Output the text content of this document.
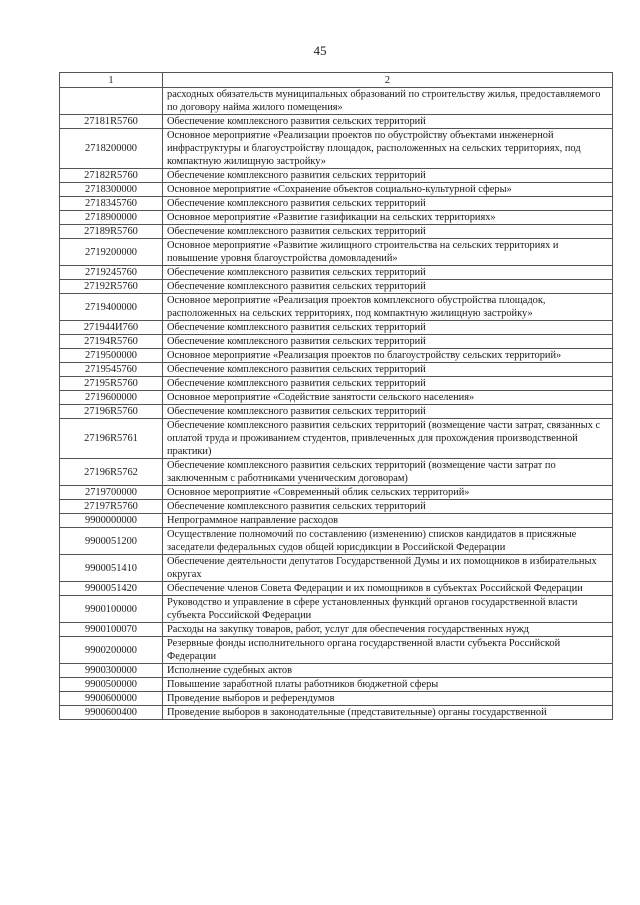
45
1	2
	расходных обязательств муниципальных образований по строительству жилья, предоставляемого по договору найма жилого помещения»
27181R5760	Обеспечение комплексного развития сельских территорий
2718200000	Основное мероприятие «Реализации проектов по обустройству объектами инженерной инфраструктуры и благоустройству площадок, расположенных на сельских территориях, под компактную жилищную застройку»
27182R5760	Обеспечение комплексного развития сельских территорий
2718300000	Основное мероприятие «Сохранение объектов социально-культурной сферы»
2718345760	Обеспечение комплексного развития сельских территорий
2718900000	Основное мероприятие «Развитие газификации на сельских территориях»
27189R5760	Обеспечение комплексного развития сельских территорий
2719200000	Основное мероприятие «Развитие жилищного строительства на сельских территориях и повышение уровня благоустройства домовладений»
2719245760	Обеспечение комплексного развития сельских территорий
27192R5760	Обеспечение комплексного развития сельских территорий
2719400000	Основное мероприятие «Реализация проектов комплексного обустройства площадок, расположенных на сельских территориях, под компактную жилищную застройку»
271944И760	Обеспечение комплексного развития сельских территорий
27194R5760	Обеспечение комплексного развития сельских территорий
2719500000	Основное мероприятие «Реализация проектов по благоустройству сельских территорий»
2719545760	Обеспечение комплексного развития сельских территорий
27195R5760	Обеспечение комплексного развития сельских территорий
2719600000	Основное мероприятие «Содействие занятости сельского населения»
27196R5760	Обеспечение комплексного развития сельских территорий
27196R5761	Обеспечение комплексного развития сельских территорий (возмещение части затрат, связанных с оплатой труда и проживанием студентов, привлеченных для прохождения производственной практики)
27196R5762	Обеспечение комплексного развития сельских территорий (возмещение части затрат по заключенным с работниками ученическим договорам)
2719700000	Основное мероприятие «Современный облик сельских территорий»
27197R5760	Обеспечение комплексного развития сельских территорий
9900000000	Непрограммное направление расходов
9900051200	Осуществление полномочий по составлению (изменению) списков кандидатов в присяжные заседатели федеральных судов общей юрисдикции в Российской Федерации
9900051410	Обеспечение деятельности депутатов Государственной Думы и их помощников в избирательных округах
9900051420	Обеспечение членов Совета Федерации и их помощников в субъектах Российской Федерации
9900100000	Руководство и управление в сфере установленных функций органов государственной власти субъекта Российской Федерации
9900100070	Расходы на закупку товаров, работ, услуг для обеспечения государственных нужд
9900200000	Резервные фонды исполнительного органа государственной власти субъекта Российской Федерации
9900300000	Исполнение судебных актов
9900500000	Повышение заработной платы работников бюджетной сферы
9900600000	Проведение выборов и референдумов
9900600400	Проведение выборов в законодательные (представительные) органы государственной
